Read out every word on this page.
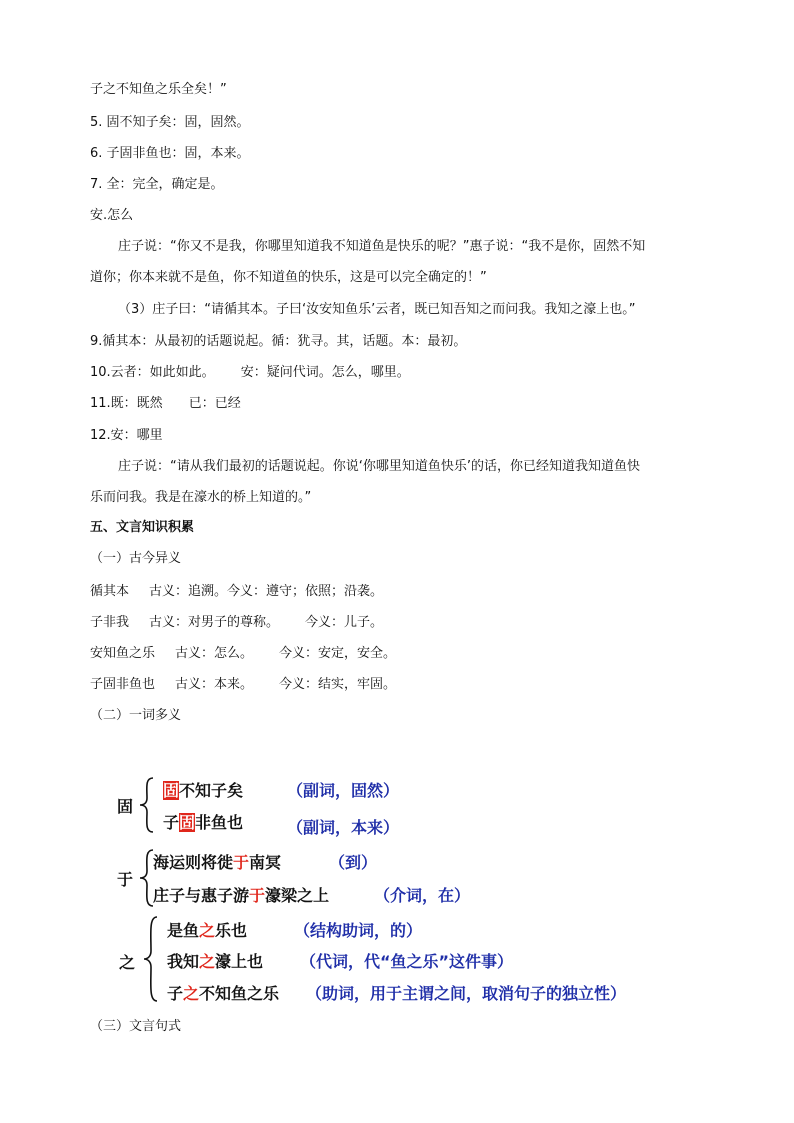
子之不知鱼之乐全矣！”
5. 固不知子矣：固，固然。
6. 子固非鱼也：固，本来。
7. 全：完全，确定是。
安.怎么
庄子说：“你又不是我，你哪里知道我不知道鱼是快乐的呢？”惠子说：“我不是你，固然不知
道你；你本来就不是鱼，你不知道鱼的快乐，这是可以完全确定的！”
（3）庄子曰：“请循其本。子曰‘汝安知鱼乐’云者，既已知吾知之而问我。我知之濠上也。”
9.循其本：从最初的话题说起。循：犹寻。其，话题。本：最初。
10.云者：如此如此。 安：疑问代词。怎么，哪里。
11.既：既然 已：已经
12.安：哪里
庄子说：“请从我们最初的话题说起。你说‘你哪里知道鱼快乐’的话，你已经知道我知道鱼快
乐而问我。我是在濠水的桥上知道的。”
五、文言知识积累
（一）古今异义
循其本 古义：追溯。今义：遵守；依照；沿袭。
子非我 古义：对男子的尊称。 今义：儿子。
安知鱼之乐 古义：怎么。 今义：安定，安全。
子固非鱼也 古义：本来。 今义：结实，牢固。
（二）一词多义
固
固不知子矣	（副词，固然）
子固非鱼也	（副词，本来）
于
海运则将徙于南冥	（到）
庄子与惠子游于濠梁之上	（介词，在）
之
是鱼之乐也	（结构助词，的）
我知之濠上也 （代词，代“鱼之乐”这件事）
子之不知鱼之乐 （助词，用于主谓之间，取消句子的独立性）
（三）文言句式
